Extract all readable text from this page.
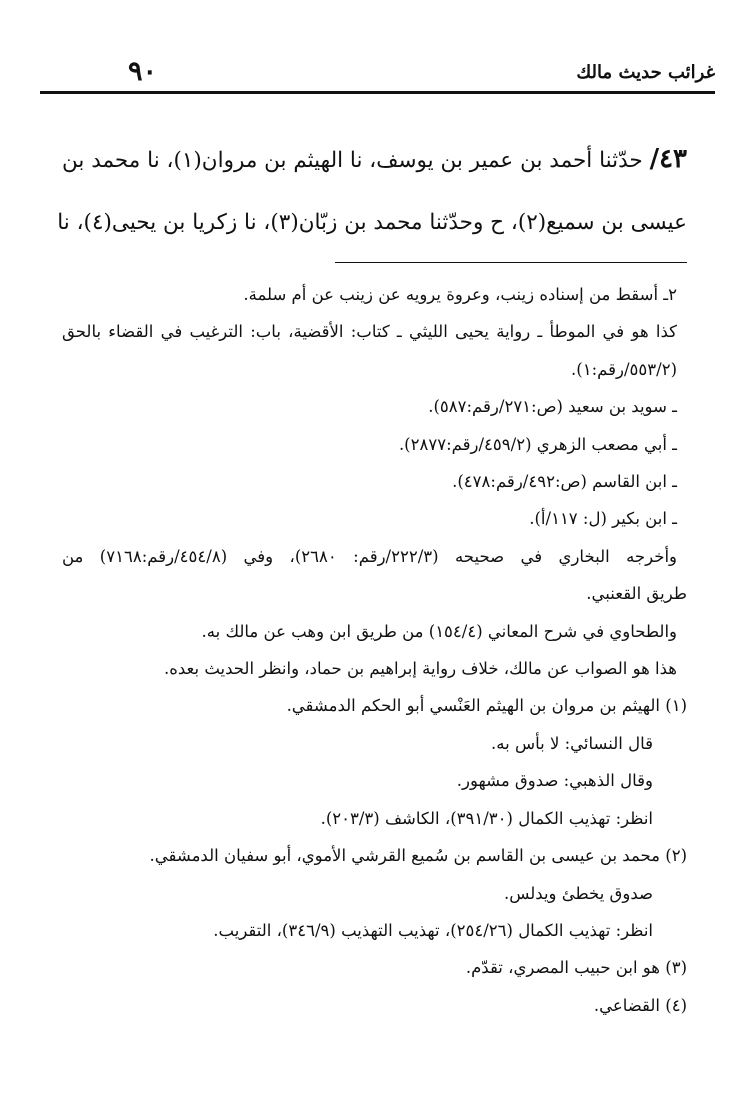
غرائب حديث مالك
٩٠
٤٣/ حدّثنا أحمد بن عمير بن يوسف، نا الهيثم بن مروان(١)، نا محمد بن
عيسى بن سميع(٢)، ح وحدّثنا محمد بن زبّان(٣)، نا زكريا بن يحيى(٤)، نا
٢ـ أسقط من إسناده زينب، وعروة يرويه عن زينب عن أم سلمة.
كذا هو في الموطأ ـ رواية يحيى الليثي ـ كتاب: الأقضية، باب: الترغيب في القضاء بالحق
(٥٥٣/٢/رقم:١).
ـ سويد بن سعيد (ص:٢٧١/رقم:٥٨٧).
ـ أبي مصعب الزهري (٤٥٩/٢/رقم:٢٨٧٧).
ـ ابن القاسم (ص:٤٩٢/رقم:٤٧٨).
ـ ابن بكير (ل: ١١٧/أ).
وأخرجه البخاري في صحيحه (٢٢٢/٣/رقم: ٢٦٨٠)، وفي (٤٥٤/٨/رقم:٧١٦٨) من
طريق القعنبي.
والطحاوي في شرح المعاني (١٥٤/٤) من طريق ابن وهب عن مالك به.
هذا هو الصواب عن مالك، خلاف رواية إبراهيم بن حماد، وانظر الحديث بعده.
(١) الهيثم بن مروان بن الهيثم العَنْسي أبو الحكم الدمشقي.
قال النسائي: لا بأس به.
وقال الذهبي: صدوق مشهور.
انظر: تهذيب الكمال (٣٩١/٣٠)، الكاشف (٢٠٣/٣).
(٢) محمد بن عيسى بن القاسم بن سُميع القرشي الأموي، أبو سفيان الدمشقي.
صدوق يخطئ ويدلس.
انظر: تهذيب الكمال (٢٥٤/٢٦)، تهذيب التهذيب (٣٤٦/٩)، التقريب.
(٣) هو ابن حبيب المصري، تقدّم.
(٤) القضاعي.
